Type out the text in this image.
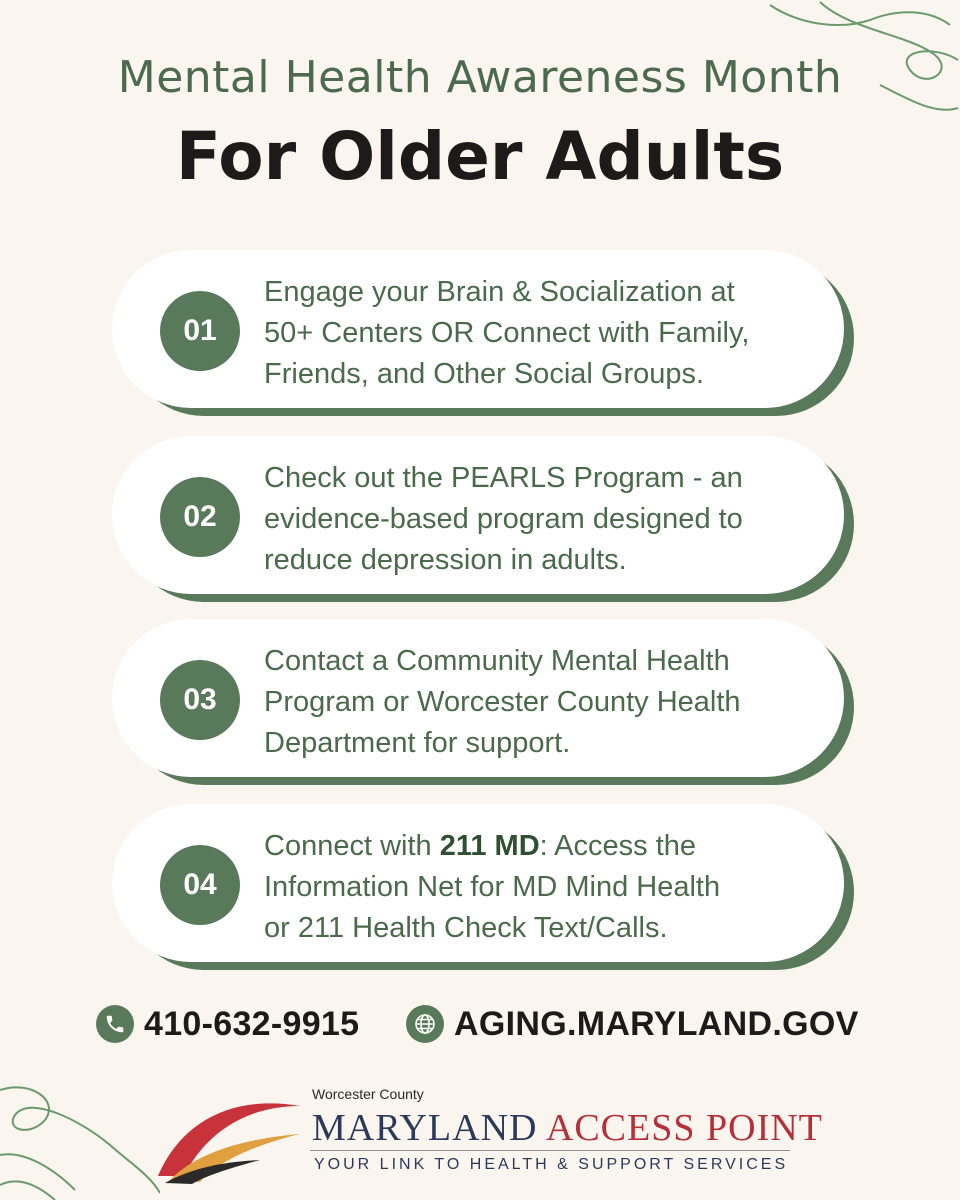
Mental Health Awareness Month
For Older Adults
01
Engage your Brain & Socialization at
50+ Centers OR Connect with Family,
Friends, and Other Social Groups.
02
Check out the PEARLS Program - an
evidence-based program designed to
reduce depression in adults.
03
Contact a Community Mental Health
Program or Worcester County Health
Department for support.
04
Connect with 211 MD: Access the
Information Net for MD Mind Health
or 211 Health Check Text/Calls.
410-632-9915	AGING.MARYLAND.GOV
Worcester County
MARYLAND ACCESS POINT
YOUR LINK TO HEALTH & SUPPORT SERVICES
